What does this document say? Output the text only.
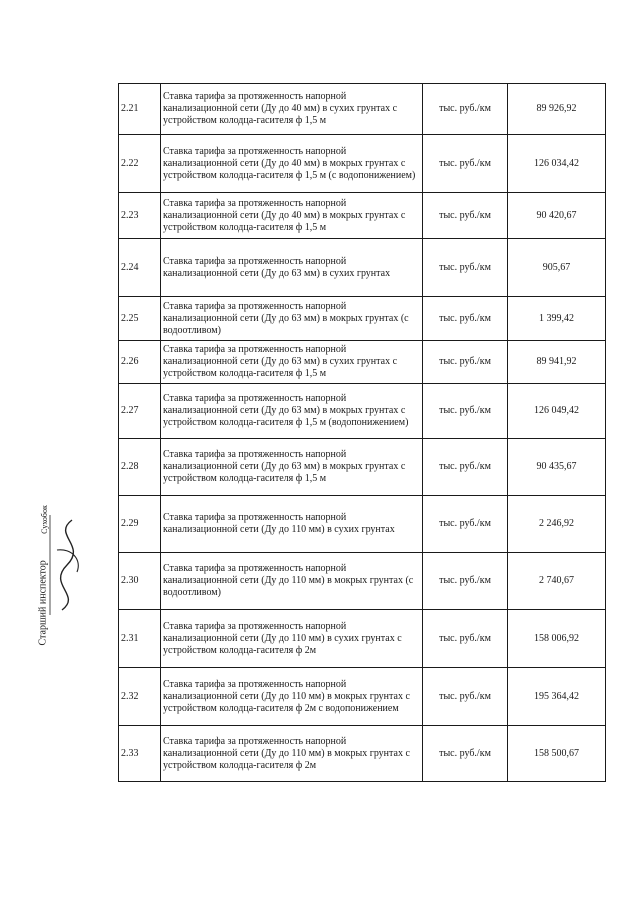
2.21	Ставка тарифа за протяженность напорной канализационной сети (Ду до 40 мм) в сухих грунтах с устройством колодца-гасителя ф 1,5 м	тыс. руб./км	89 926,92
2.22	Ставка тарифа за протяженность напорной канализационной сети (Ду до 40 мм) в мокрых грунтах с устройством колодца-гасителя ф 1,5 м (с водопонижением)	тыс. руб./км	126 034,42
2.23	Ставка тарифа за протяженность напорной канализационной сети (Ду до 40 мм) в мокрых грунтах с устройством колодца-гасителя ф 1,5 м	тыс. руб./км	90 420,67
2.24	Ставка тарифа за протяженность напорной канализационной сети (Ду до 63 мм) в сухих грунтах	тыс. руб./км	905,67
2.25	Ставка тарифа за протяженность напорной канализационной сети (Ду до 63 мм) в мокрых грунтах (с водоотливом)	тыс. руб./км	1 399,42
2.26	Ставка тарифа за протяженность напорной канализационной сети (Ду до 63 мм) в сухих грунтах с устройством колодца-гасителя ф 1,5 м	тыс. руб./км	89 941,92
2.27	Ставка тарифа за протяженность напорной канализационной сети (Ду до 63 мм) в мокрых грунтах с устройством колодца-гасителя ф 1,5 м (водопонижением)	тыс. руб./км	126 049,42
2.28	Ставка тарифа за протяженность напорной канализационной сети (Ду до 63 мм) в мокрых грунтах с устройством колодца-гасителя ф 1,5 м	тыс. руб./км	90 435,67
2.29	Ставка тарифа за протяженность напорной канализационной сети (Ду до 110 мм) в сухих грунтах	тыс. руб./км	2 246,92
2.30	Ставка тарифа за протяженность напорной канализационной сети (Ду до 110 мм) в мокрых грунтах (с водоотливом)	тыс. руб./км	2 740,67
2.31	Ставка тарифа за протяженность напорной канализационной сети (Ду до 110 мм) в сухих грунтах с устройством колодца-гасителя ф 2м	тыс. руб./км	158 006,92
2.32	Ставка тарифа за протяженность напорной канализационной сети (Ду до 110 мм) в мокрых грунтах с устройством колодца-гасителя ф 2м с водопонижением	тыс. руб./км	195 364,42
2.33	Ставка тарифа за протяженность напорной канализационной сети (Ду до 110 мм) в мокрых грунтах с устройством колодца-гасителя ф 2м	тыс. руб./км	158 500,67
Старший инспектор
Сухобок
